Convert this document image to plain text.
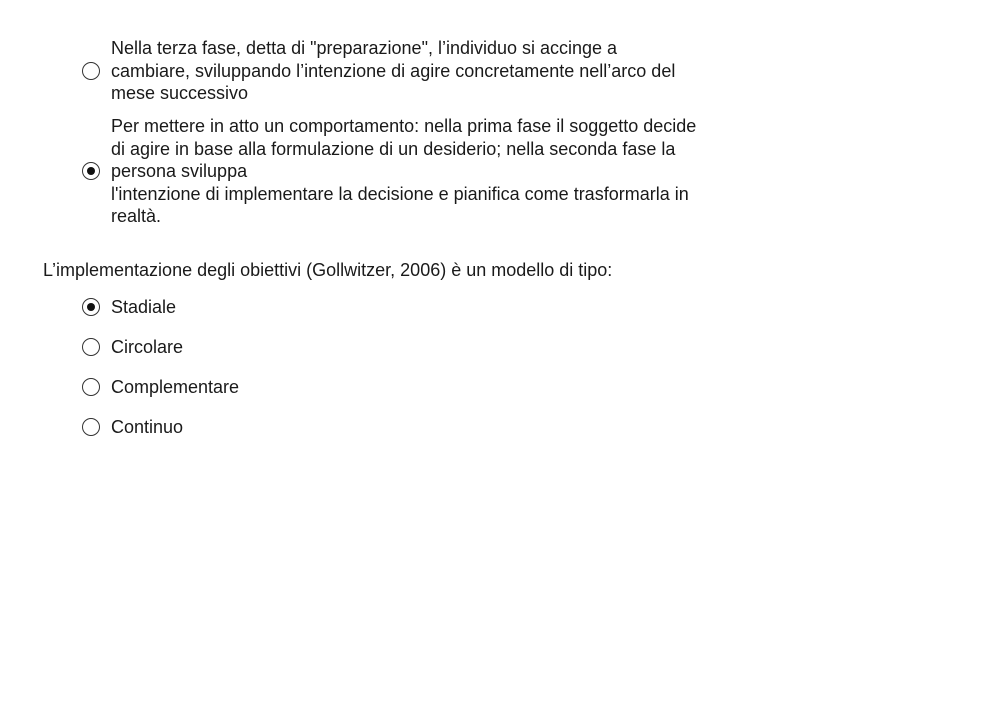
Nella terza fase, detta di "preparazione", l’individuo si accinge a
cambiare, sviluppando l’intenzione di agire concretamente nell’arco del
mese successivo
Per mettere in atto un comportamento: nella prima fase il soggetto decide
di agire in base alla formulazione di un desiderio; nella seconda fase la
persona sviluppa
l'intenzione di implementare la decisione e pianifica come trasformarla in
realtà.
L’implementazione degli obiettivi (Gollwitzer, 2006) è un modello di tipo:
Stadiale
Circolare
Complementare
Continuo
